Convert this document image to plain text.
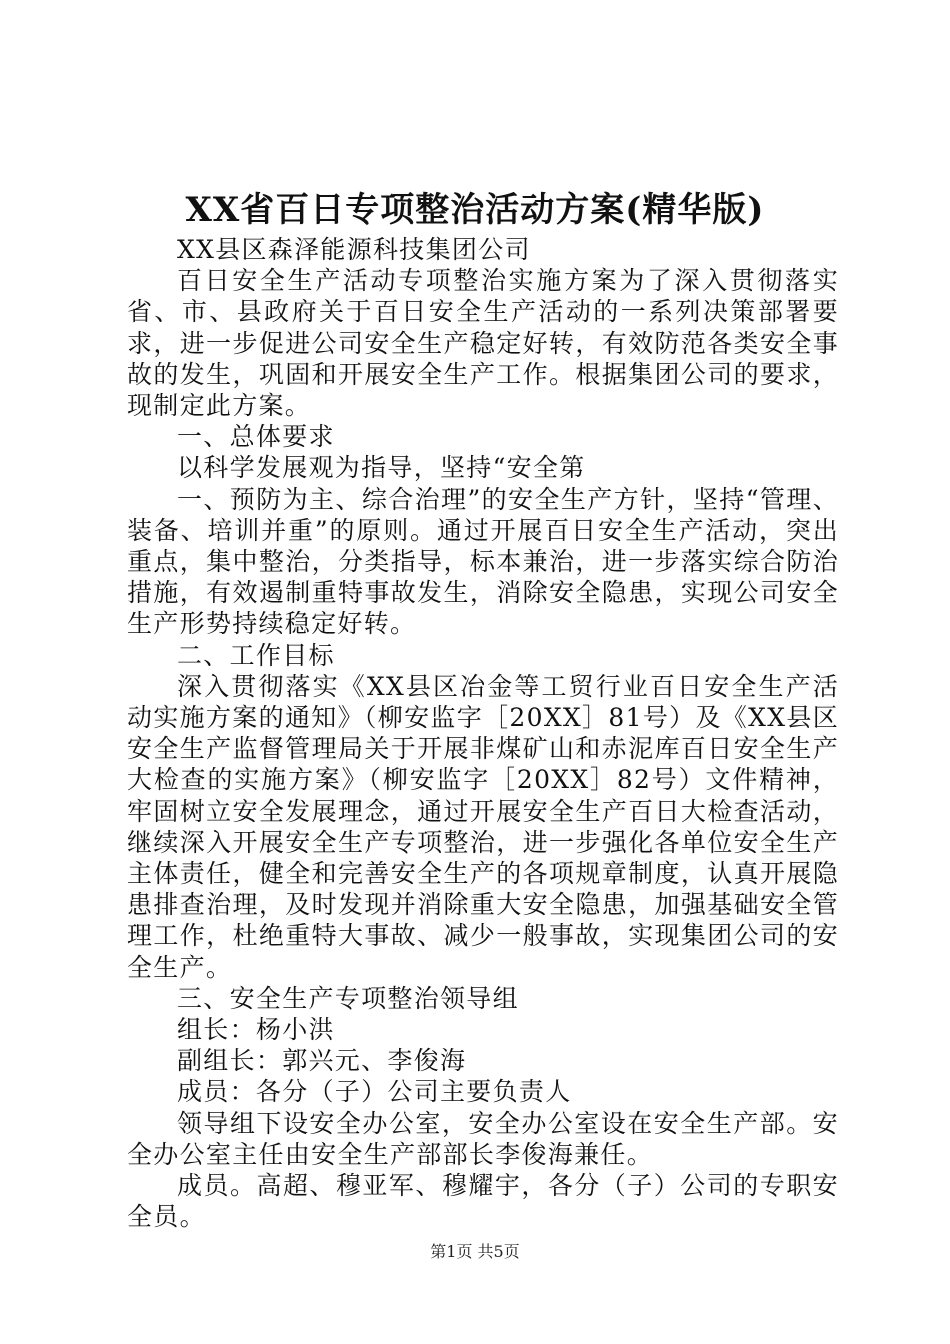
XX省百日专项整治活动方案(精华版)

XX县区森泽能源科技集团公司

百日安全生产活动专项整治实施方案为了深入贯彻落实省、市、县政府关于百日安全生产活动的一系列决策部署要求，进一步促进公司安全生产稳定好转，有效防范各类安全事故的发生，巩固和开展安全生产工作。根据集团公司的要求，现制定此方案。

一、总体要求

以科学发展观为指导，坚持“安全第

一、预防为主、综合治理”的安全生产方针，坚持“管理、装备、培训并重”的原则。通过开展百日安全生产活动，突出重点，集中整治，分类指导，标本兼治，进一步落实综合防治措施，有效遏制重特事故发生，消除安全隐患，实现公司安全生产形势持续稳定好转。

二、工作目标

深入贯彻落实《XX县区冶金等工贸行业百日安全生产活动实施方案的通知》（柳安监字［20XX］81号）及《XX县区安全生产监督管理局关于开展非煤矿山和赤泥库百日安全生产大检查的实施方案》（柳安监字［20XX］82号）文件精神，牢固树立安全发展理念，通过开展安全生产百日大检查活动，继续深入开展安全生产专项整治，进一步强化各单位安全生产主体责任，健全和完善安全生产的各项规章制度，认真开展隐患排查治理，及时发现并消除重大安全隐患，加强基础安全管理工作，杜绝重特大事故、减少一般事故，实现集团公司的安全生产。

三、安全生产专项整治领导组

组长：杨小洪

副组长：郭兴元、李俊海

成员：各分（子）公司主要负责人

领导组下设安全办公室，安全办公室设在安全生产部。安全办公室主任由安全生产部部长李俊海兼任。

成员。高超、穆亚军、穆耀宇，各分（子）公司的专职安全员。

第1页 共5页
